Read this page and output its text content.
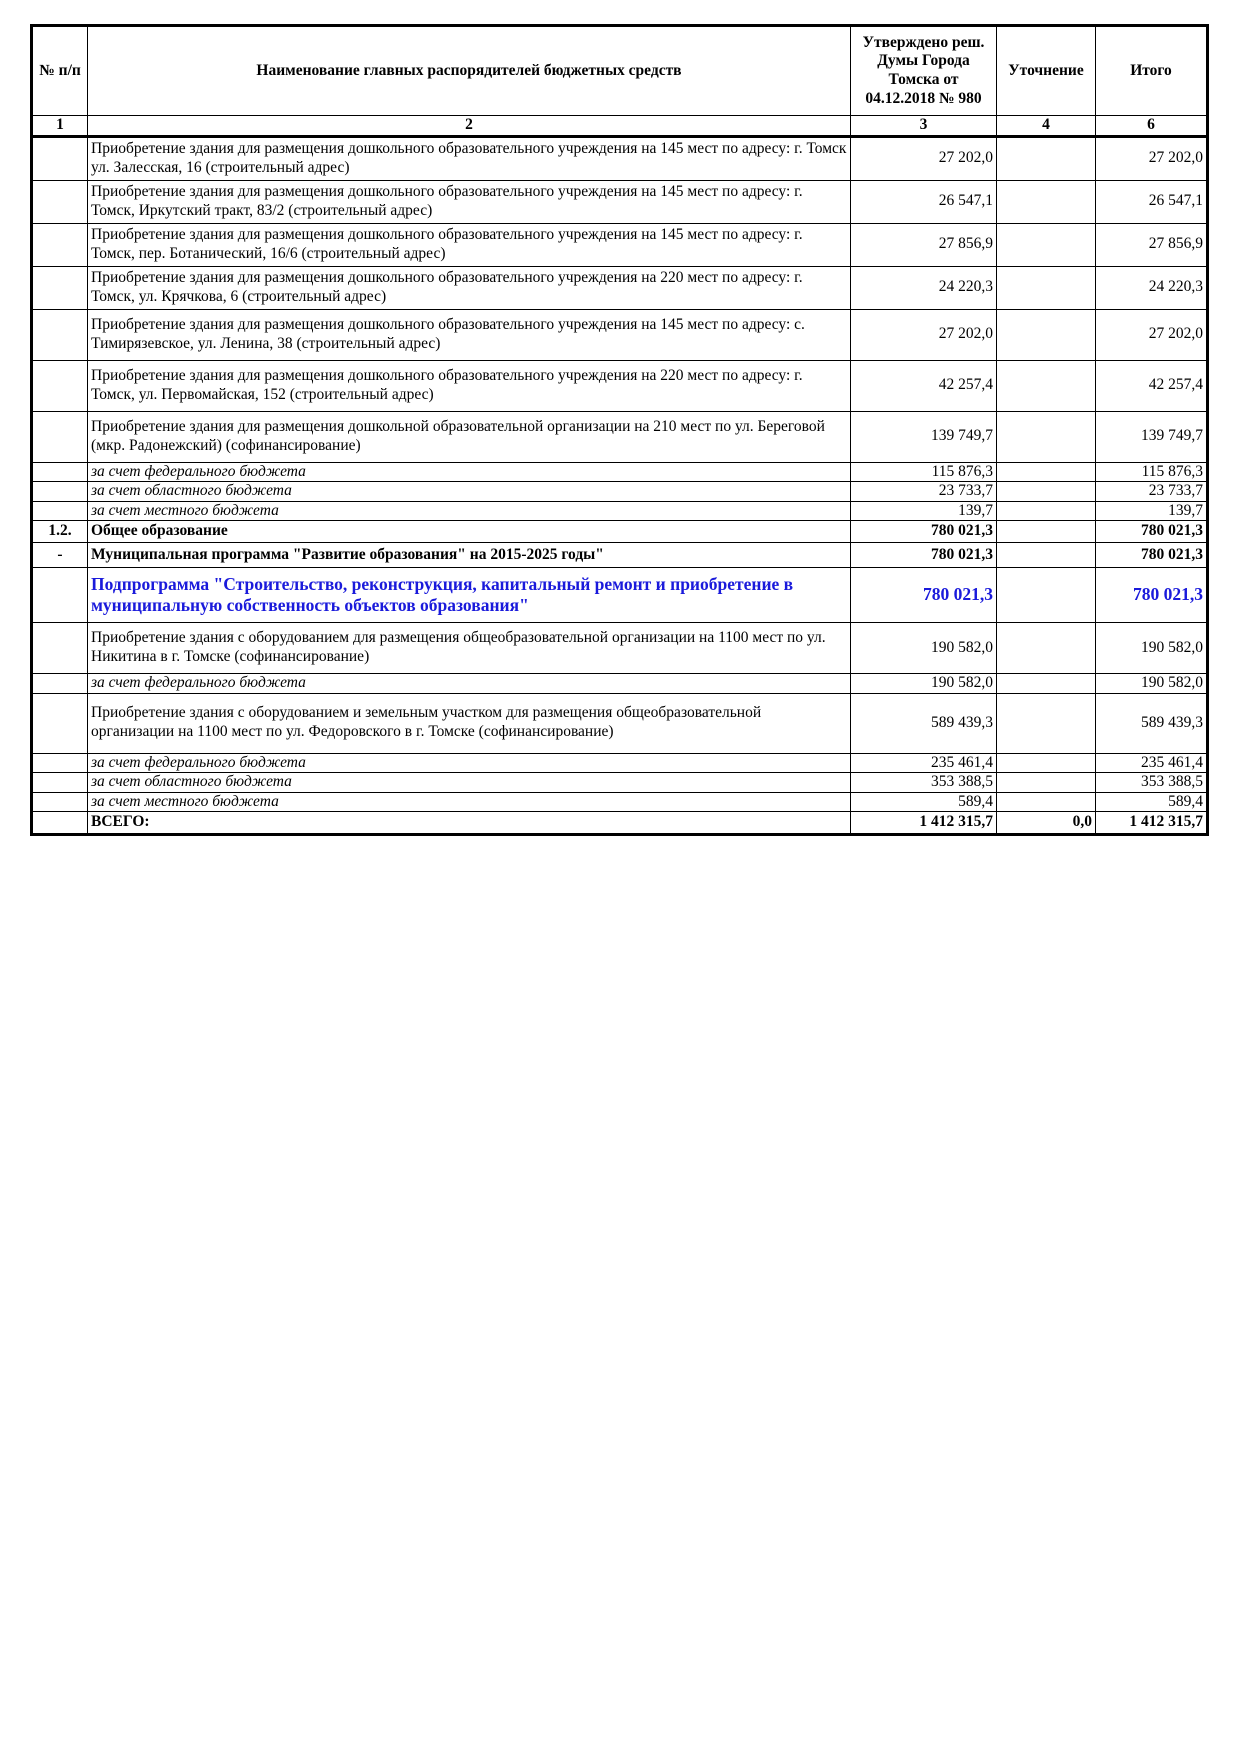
№ п/п	Наименование главных распорядителей бюджетных средств	Утверждено реш. Думы Города Томска от 04.12.2018 № 980	Уточнение	Итого
1	2	3	4	6
	Приобретение здания для размещения дошкольного образовательного учреждения на 145 мест по адресу: г. Томск ул. Залесская, 16 (строительный адрес)	27 202,0		27 202,0
	Приобретение здания для размещения дошкольного образовательного учреждения на 145 мест по адресу: г. Томск, Иркутский тракт, 83/2 (строительный адрес)	26 547,1		26 547,1
	Приобретение здания для размещения дошкольного образовательного учреждения на 145 мест по адресу: г. Томск, пер. Ботанический, 16/6 (строительный адрес)	27 856,9		27 856,9
	Приобретение здания для размещения дошкольного образовательного учреждения на 220 мест по адресу: г. Томск, ул. Крячкова, 6 (строительный адрес)	24 220,3		24 220,3
	Приобретение здания для размещения дошкольного образовательного учреждения на 145 мест по адресу: с. Тимирязевское, ул. Ленина, 38 (строительный адрес)	27 202,0		27 202,0
	Приобретение здания для размещения дошкольного образовательного учреждения на 220 мест по адресу: г. Томск, ул. Первомайская, 152 (строительный адрес)	42 257,4		42 257,4
	Приобретение здания для размещения дошкольной образовательной организации на 210 мест по ул. Береговой (мкр. Радонежский) (софинансирование)	139 749,7		139 749,7
	за счет федерального бюджета	115 876,3		115 876,3
	за счет областного бюджета	23 733,7		23 733,7
	за счет местного бюджета	139,7		139,7
1.2.	Общее образование	780 021,3		780 021,3
-	Муниципальная программа "Развитие образования" на 2015-2025 годы"	780 021,3		780 021,3
	Подпрограмма "Строительство, реконструкция, капитальный ремонт и приобретение в муниципальную собственность объектов образования"	780 021,3		780 021,3
	Приобретение здания с оборудованием для размещения общеобразовательной организации на 1100 мест по ул. Никитина в г. Томске (софинансирование)	190 582,0		190 582,0
	за счет федерального бюджета	190 582,0		190 582,0
	Приобретение здания с оборудованием и земельным участком для размещения общеобразовательной организации на 1100 мест по ул. Федоровского в г. Томске (софинансирование)	589 439,3		589 439,3
	за счет федерального бюджета	235 461,4		235 461,4
	за счет областного бюджета	353 388,5		353 388,5
	за счет местного бюджета	589,4		589,4
	ВСЕГО:	1 412 315,7	0,0	1 412 315,7
